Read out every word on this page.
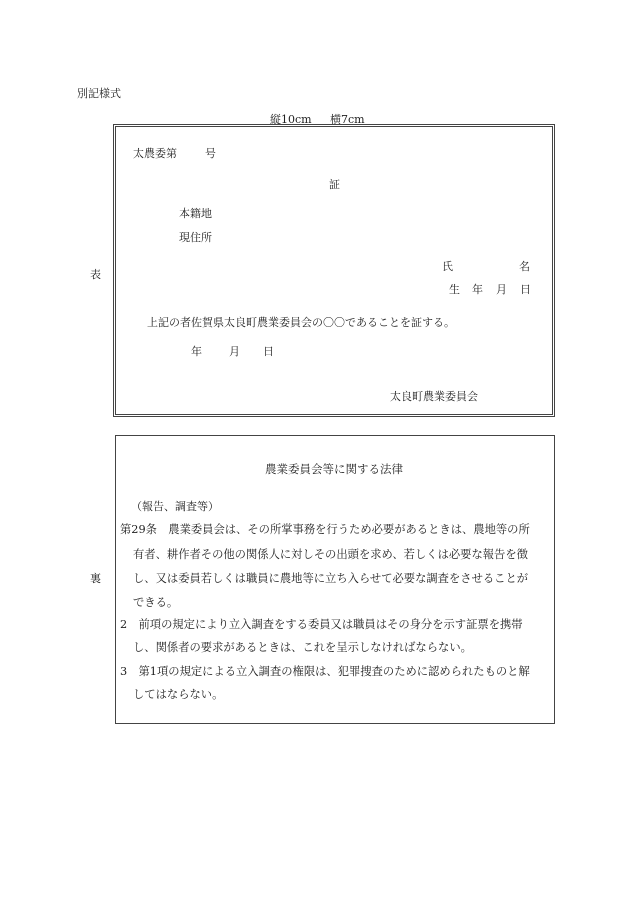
別記様式
縦10cm 横7cm
表
太農委第	号
証
本籍地
現住所
氏	名
生 年 月 日
上記の者佐賀県太良町農業委員会の〇〇であることを証する。
年 月 日
太良町農業委員会
裏
農業委員会等に関する法律
（報告、調査等）
第29条　農業委員会は、その所掌事務を行うため必要があるときは、農地等の所
有者、耕作者その他の関係人に対しその出頭を求め、若しくは必要な報告を徴
し、又は委員若しくは職員に農地等に立ち入らせて必要な調査をさせることが
できる。
2　前項の規定により立入調査をする委員又は職員はその身分を示す証票を携帯
し、関係者の要求があるときは、これを呈示しなければならない。
3　第1項の規定による立入調査の権限は、犯罪捜査のために認められたものと解
してはならない。
